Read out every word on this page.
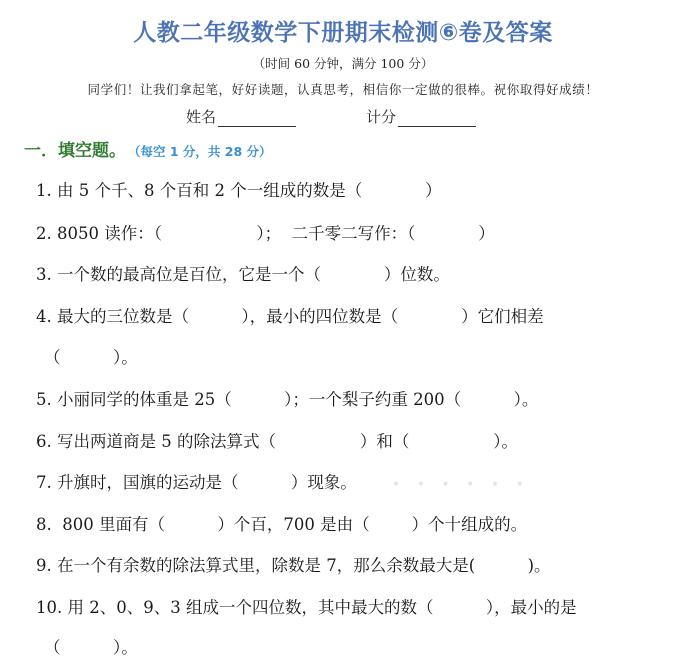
人教二年级数学下册期末检测⑥卷及答案
（时间 60 分钟，满分 100 分）
同学们！让我们拿起笔，好好读题，认真思考，相信你一定做的很棒。祝你取得好成绩！
姓名	计分
一．填空题。 （每空 1 分，共 28 分）
1. 由 5 个千、8 个百和 2 个一组成的数是（            ）
2. 8050 读作：（                  ）；  二千零二写作：（            ）
3. 一个数的最高位是百位，它是一个（            ）位数。
4. 最大的三位数是（          ），最小的四位数是（            ）它们相差
（          ）。
5. 小丽同学的体重是 25（          ）；一个梨子约重 200（          ）。
6. 写出两道商是 5 的除法算式（                ）和（                ）。
7. 升旗时，国旗的运动是（          ）现象。
8.  800 里面有（          ）个百，700 是由（        ）个十组成的。
9. 在一个有余数的除法算式里，除数是 7，那么余数最大是(          )。
10. 用 2、0、9、3 组成一个四位数，其中最大的数（          ），最小的是
（          ）。
• • • • • •
